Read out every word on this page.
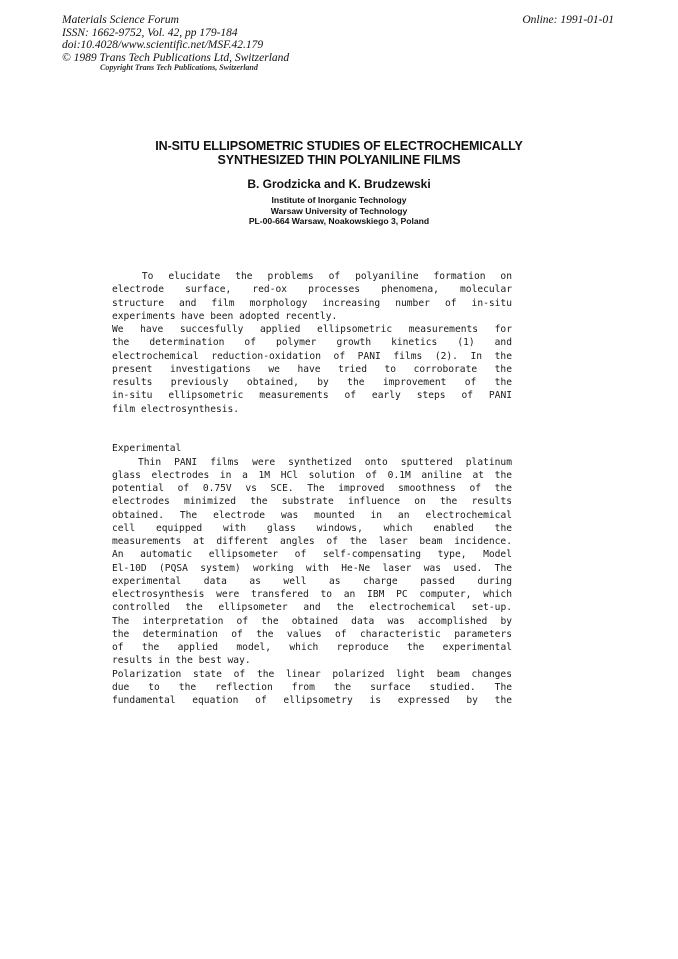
Materials Science Forum
ISSN: 1662-9752, Vol. 42, pp 179-184
doi:10.4028/www.scientific.net/MSF.42.179
© 1989 Trans Tech Publications Ltd, Switzerland
Online: 1991-01-01
Copyright Trans Tech Publications, Switzerland
IN-SITU ELLIPSOMETRIC STUDIES OF ELECTROCHEMICALLY
SYNTHESIZED THIN POLYANILINE FILMS
B. Grodzicka and K. Brudzewski
Institute of Inorganic Technology
Warsaw University of Technology
PL-00-664 Warsaw, Noakowskiego 3, Poland
To elucidate the problems of polyaniline formation on
electrode surface, red-ox processes phenomena, molecular
structure and film morphology increasing number of in-situ
experiments have been adopted recently.
We have succesfully applied ellipsometric measurements for
the determination of polymer growth kinetics (1) and
electrochemical reduction-oxidation of PANI films (2). In the
present investigations we have tried to corroborate the
results previously obtained, by the improvement of the
in-situ ellipsometric measurements of early steps of PANI
film electrosynthesis.
Experimental
Thin PANI films were synthetized onto sputtered platinum
glass electrodes in a 1M HCl solution of 0.1M aniline at the
potential of 0.75V vs SCE. The improved smoothness of the
electrodes minimized the substrate influence on the results
obtained. The electrode was mounted in an electrochemical
cell equipped with glass windows, which enabled the
measurements at different angles of the laser beam incidence.
An automatic ellipsometer of self-compensating type, Model
El-10D (PQSA system) working with He-Ne laser was used. The
experimental data as well as charge passed during
electrosynthesis were transfered to an IBM PC computer, which
controlled the ellipsometer and the electrochemical set-up.
The interpretation of the obtained data was accomplished by
the determination of the values of characteristic parameters
of the applied model, which reproduce the experimental
results in the best way.
Polarization state of the linear polarized light beam changes
due to the reflection from the surface studied. The
fundamental equation of ellipsometry is expressed by the
